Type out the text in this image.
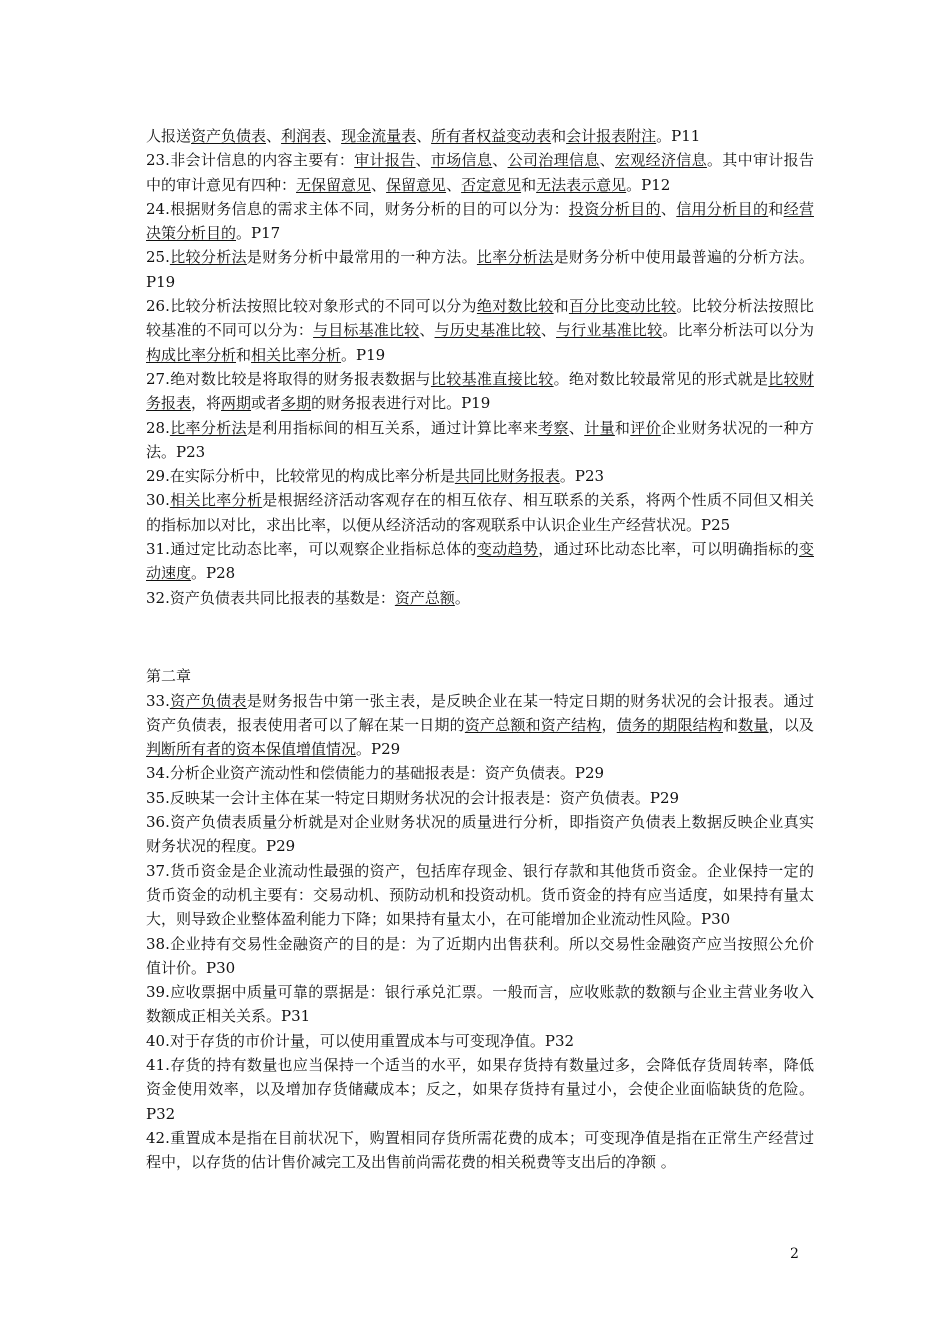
人报送资产负债表、利润表、现金流量表、所有者权益变动表和会计报表附注。P11

23.非会计信息的内容主要有：审计报告、市场信息、公司治理信息、宏观经济信息。其中审计报告中的审计意见有四种：无保留意见、保留意见、否定意见和无法表示意见。P12

24.根据财务信息的需求主体不同，财务分析的目的可以分为：投资分析目的、信用分析目的和经营决策分析目的。P17

25.比较分析法是财务分析中最常用的一种方法。比率分析法是财务分析中使用最普遍的分析方法。P19

26.比较分析法按照比较对象形式的不同可以分为绝对数比较和百分比变动比较。比较分析法按照比较基准的不同可以分为：与目标基准比较、与历史基准比较、与行业基准比较。比率分析法可以分为构成比率分析和相关比率分析。P19

27.绝对数比较是将取得的财务报表数据与比较基准直接比较。绝对数比较最常见的形式就是比较财务报表，将两期或者多期的财务报表进行对比。P19

28.比率分析法是利用指标间的相互关系，通过计算比率来考察、计量和评价企业财务状况的一种方法。P23

29.在实际分析中，比较常见的构成比率分析是共同比财务报表。P23

30.相关比率分析是根据经济活动客观存在的相互依存、相互联系的关系，将两个性质不同但又相关的指标加以对比，求出比率，以便从经济活动的客观联系中认识企业生产经营状况。P25

31.通过定比动态比率，可以观察企业指标总体的变动趋势，通过环比动态比率，可以明确指标的变动速度。P28

32.资产负债表共同比报表的基数是：资产总额。

第二章

33.资产负债表是财务报告中第一张主表，是反映企业在某一特定日期的财务状况的会计报表。通过资产负债表，报表使用者可以了解在某一日期的资产总额和资产结构，债务的期限结构和数量，以及判断所有者的资本保值增值情况。P29

34.分析企业资产流动性和偿债能力的基础报表是：资产负债表。P29

35.反映某一会计主体在某一特定日期财务状况的会计报表是：资产负债表。P29

36.资产负债表质量分析就是对企业财务状况的质量进行分析，即指资产负债表上数据反映企业真实财务状况的程度。P29

37.货币资金是企业流动性最强的资产，包括库存现金、银行存款和其他货币资金。企业保持一定的货币资金的动机主要有：交易动机、预防动机和投资动机。货币资金的持有应当适度，如果持有量太大，则导致企业整体盈利能力下降；如果持有量太小，在可能增加企业流动性风险。P30

38.企业持有交易性金融资产的目的是：为了近期内出售获利。所以交易性金融资产应当按照公允价值计价。P30

39.应收票据中质量可靠的票据是：银行承兑汇票。一般而言，应收账款的数额与企业主营业务收入数额成正相关关系。P31

40.对于存货的市价计量，可以使用重置成本与可变现净值。P32

41.存货的持有数量也应当保持一个适当的水平，如果存货持有数量过多，会降低存货周转率，降低资金使用效率，以及增加存货储藏成本；反之，如果存货持有量过小，会使企业面临缺货的危险。P32

42.重置成本是指在目前状况下，购置相同存货所需花费的成本；可变现净值是指在正常生产经营过程中，以存货的估计售价减完工及出售前尚需花费的相关税费等支出后的净额 。

2
